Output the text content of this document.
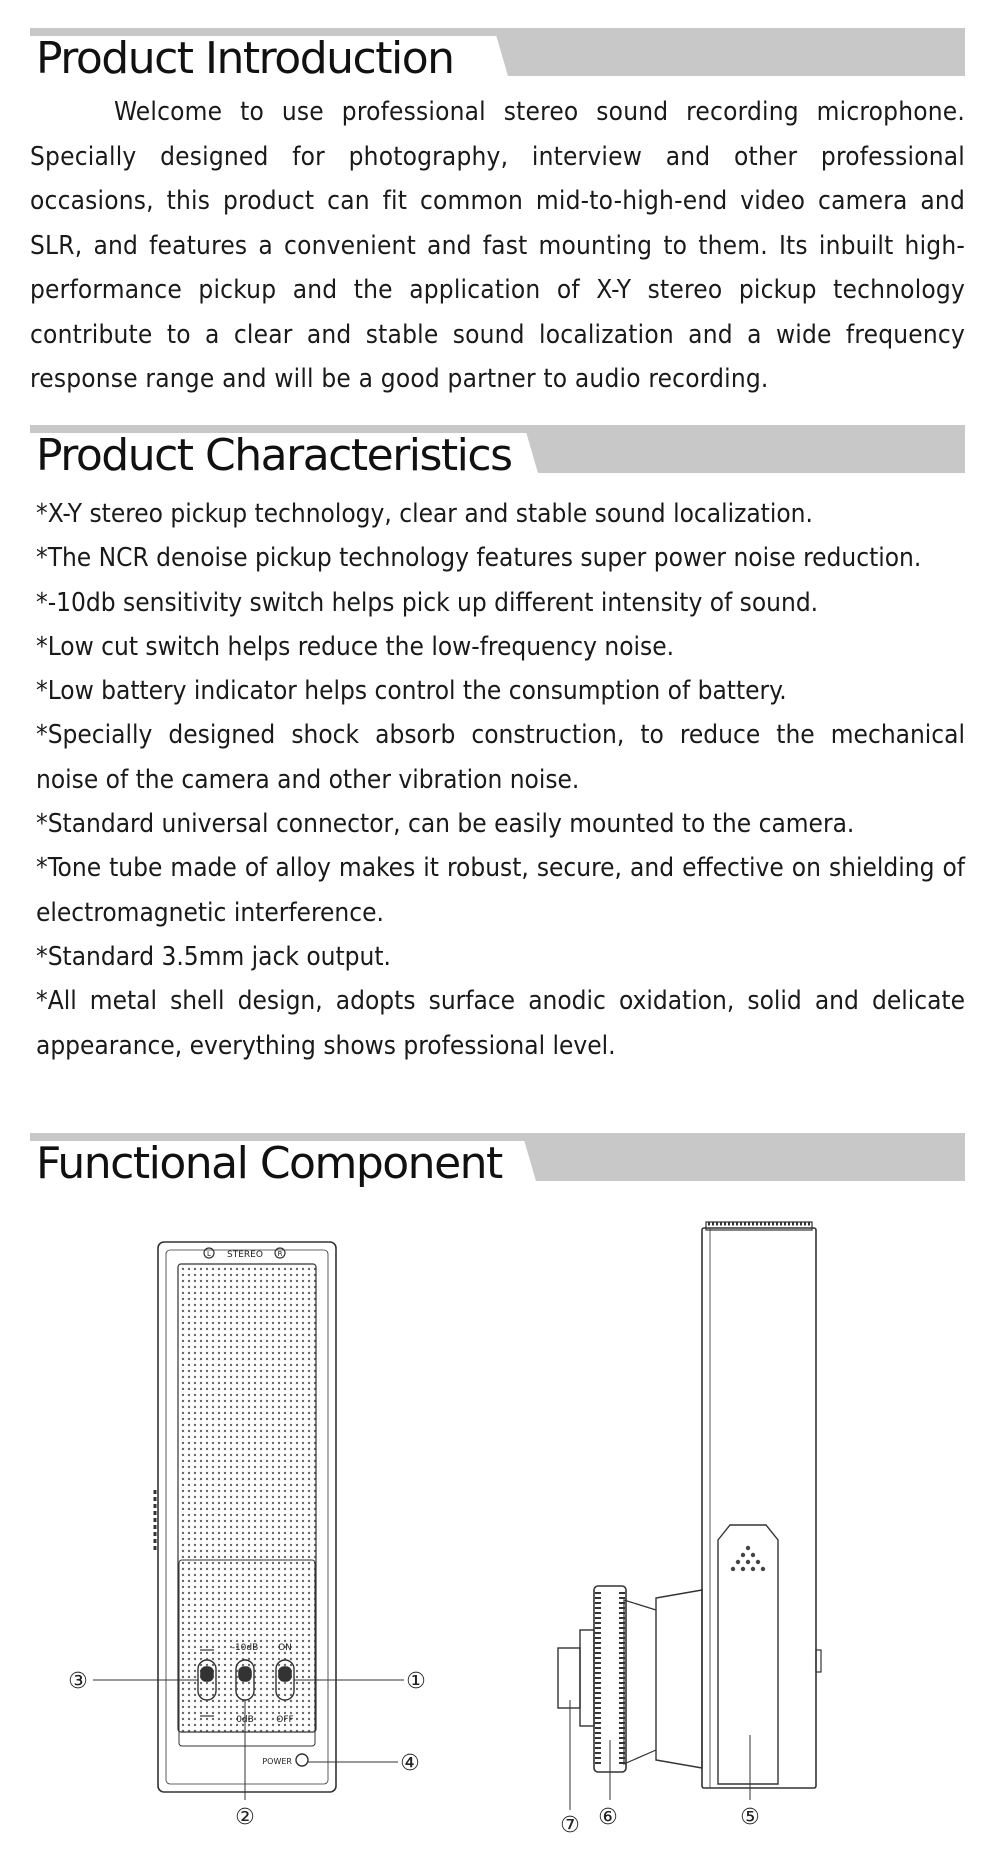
Product Introduction

Welcome to use professional stereo sound recording microphone. Specially designed for photography, interview and other professional occasions, this product can fit common mid-to-high-end video camera and SLR, and features a convenient and fast mounting to them. Its inbuilt high-performance pickup and the application of X-Y stereo pickup technology contribute to a clear and stable sound localization and a wide frequency response range and will be a good partner to audio recording.

Product Characteristics
*X-Y stereo pickup technology, clear and stable sound localization.
*The NCR denoise pickup technology features super power noise reduction.
*-10db sensitivity switch helps pick up different intensity of sound.
*Low cut switch helps reduce the low-frequency noise.
*Low battery indicator helps control the consumption of battery.
*Specially designed shock absorb construction, to reduce the mechanical noise of the camera and other vibration noise.
*Standard universal connector, can be easily mounted to the camera.
*Tone tube made of alloy makes it robust, secure, and effective on shielding of electromagnetic interference.
*Standard 3.5mm jack output.
*All metal shell design, adopts surface anodic oxidation, solid and delicate appearance, everything shows professional level.
Functional Component
STEREO
L	R
-10dB
0dB
ON
OFF
POWER
③	①
④
②	⑤
⑥
⑦
